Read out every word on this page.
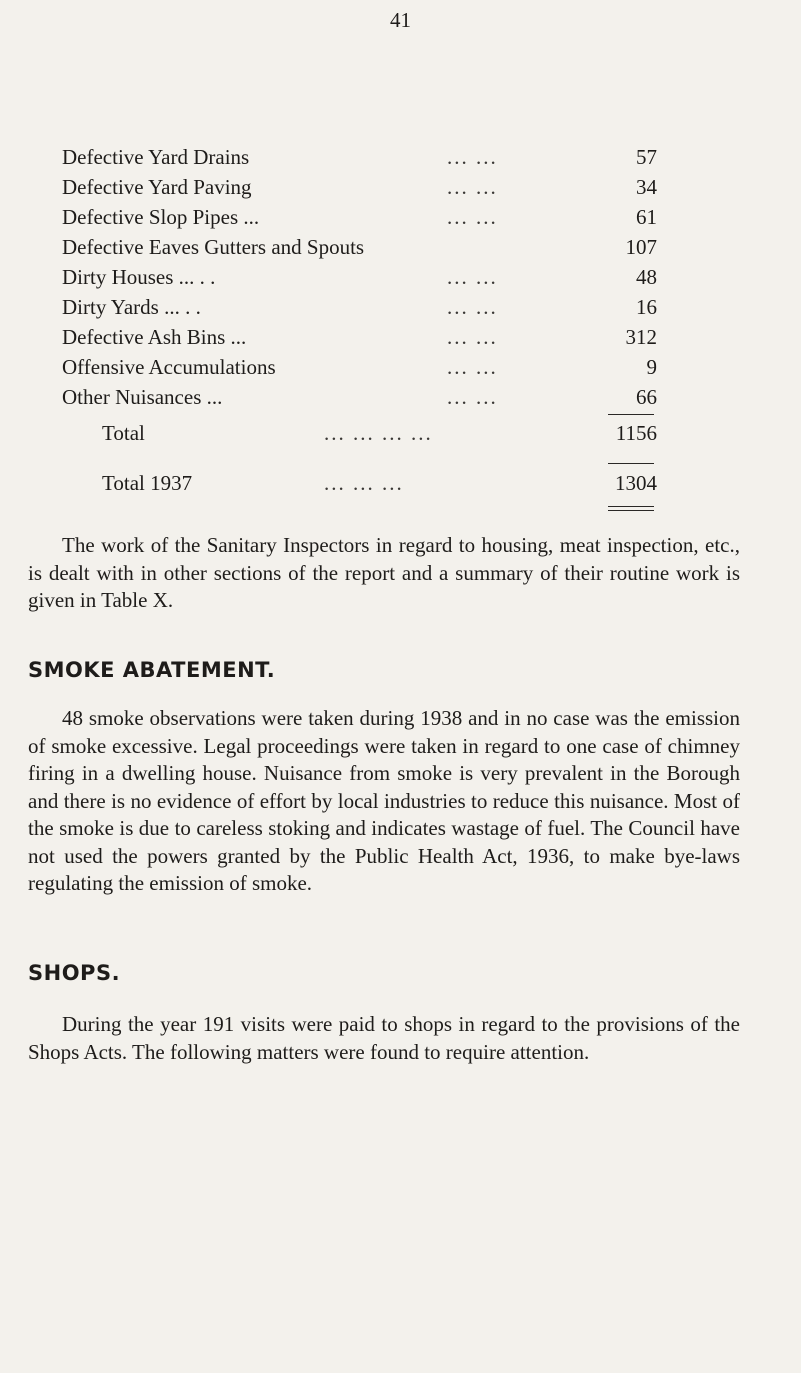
41
Defective Yard Drains	... ...	57
Defective Yard Paving	... ...	34
Defective Slop Pipes ...	... ...	61
Defective Eaves Gutters and Spouts	107
Dirty Houses ... . .	... ...	48
Dirty Yards ... . .	... ...	16
Defective Ash Bins ...	... ...	312
Offensive Accumulations	... ...	9
Other Nuisances ...	... ...	66
Total	... ... ... ...	1156
Total 1937	... ... ...	1304
The work of the Sanitary Inspectors in regard to housing, meat inspection, etc., is dealt with in other sections of the report and a summary of their routine work is given in Table X.
SMOKE ABATEMENT.
48 smoke observations were taken during 1938 and in no case was the emission of smoke excessive. Legal proceedings were taken in regard to one case of chimney firing in a dwelling house. Nuisance from smoke is very prevalent in the Borough and there is no evidence of effort by local industries to reduce this nuisance. Most of the smoke is due to careless stoking and indicates wastage of fuel. The Council have not used the powers granted by the Public Health Act, 1936, to make bye-laws regulating the emission of smoke.
SHOPS.
During the year 191 visits were paid to shops in regard to the provisions of the Shops Acts. The following matters were found to require attention.
